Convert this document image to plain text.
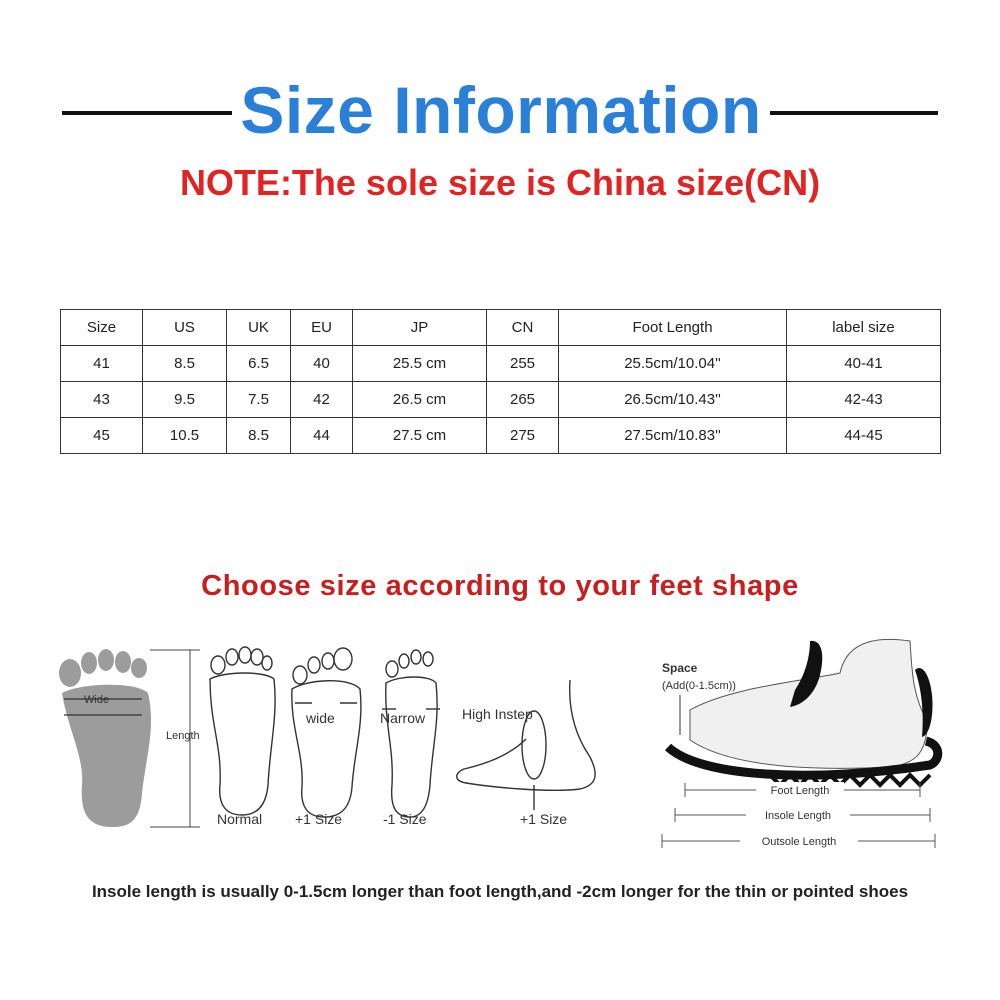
Size Information
NOTE:The sole size is China size(CN)
Size	US	UK	EU	JP	CN	Foot Length	label size
41	8.5	6.5	40	25.5 cm	255	25.5cm/10.04''	40-41
43	9.5	7.5	42	26.5 cm	265	26.5cm/10.43''	42-43
45	10.5	8.5	44	27.5 cm	275	27.5cm/10.83''	44-45
Choose size according to your feet shape
Wide
Length
Normal
wide
+1 Size
Narrow
-1 Size
High Instep
+1 Size
Space
(Add(0-1.5cm))
Foot Length
Insole Length
Outsole Length
Insole length is usually 0-1.5cm longer than foot length,and -2cm longer for the thin or pointed shoes
